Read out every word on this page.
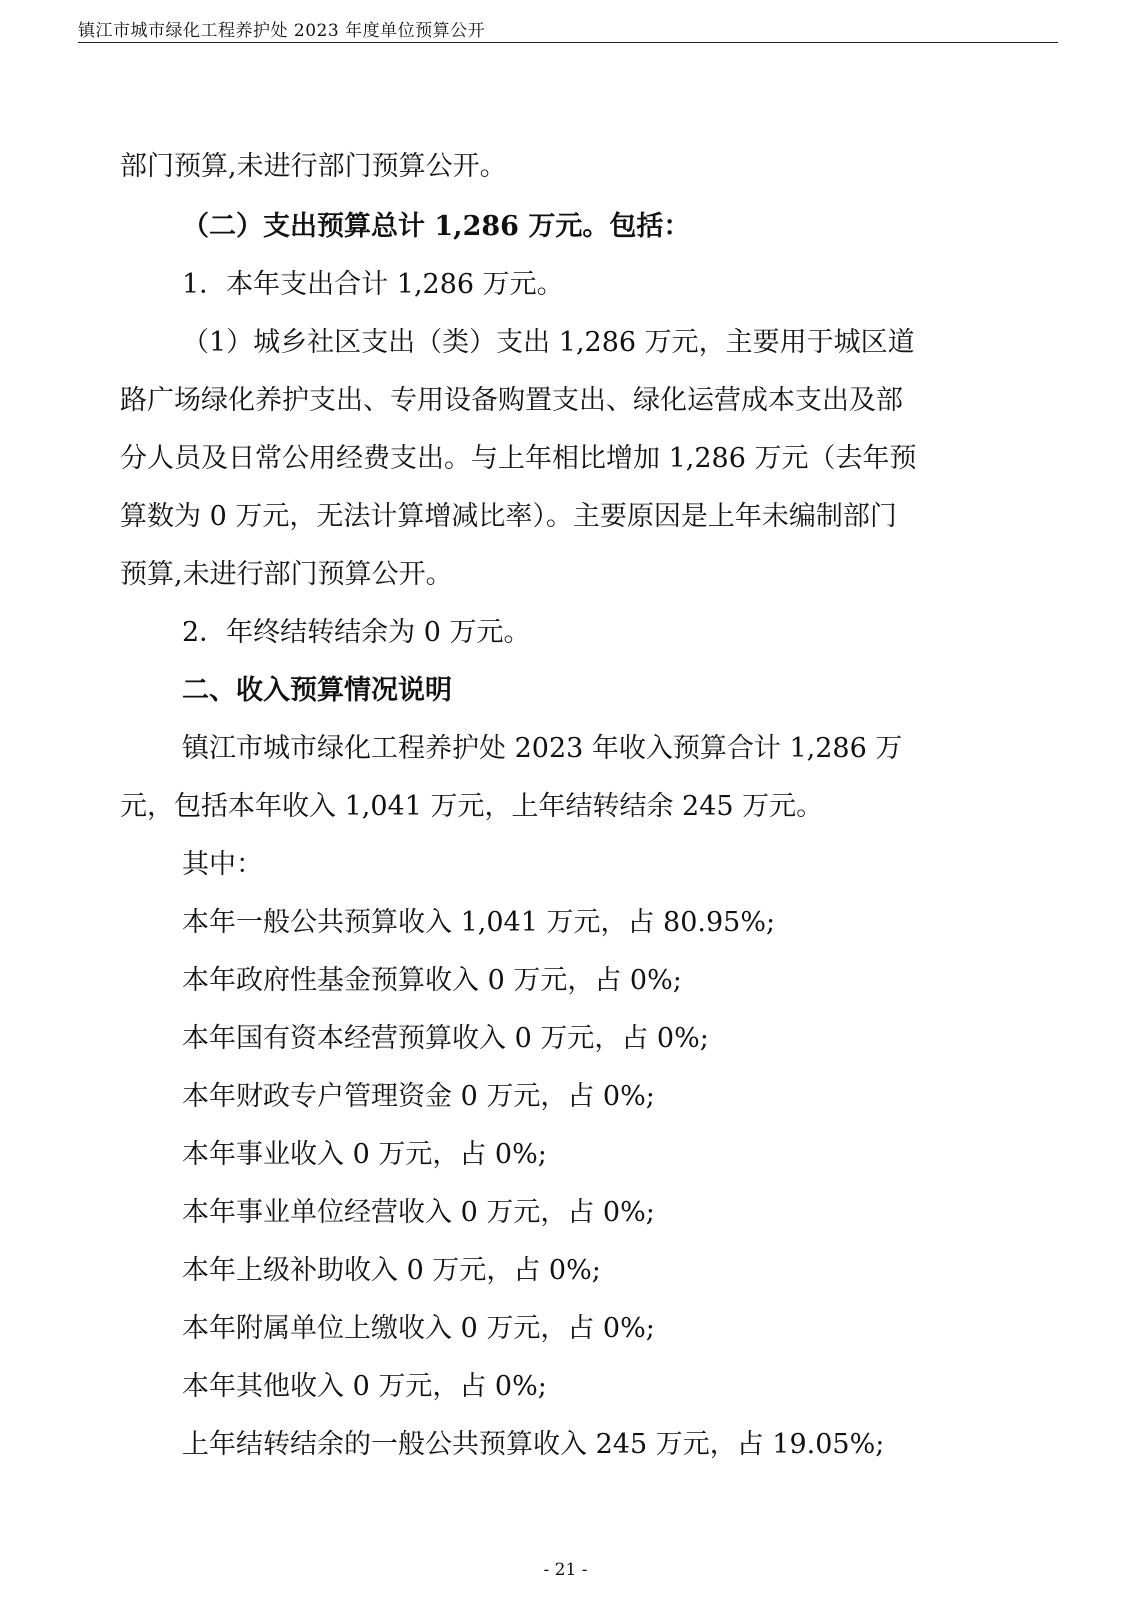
镇江市城市绿化工程养护处 2023 年度单位预算公开
部门预算,未进行部门预算公开。
（二）支出预算总计 1,286 万元。包括：
1．本年支出合计 1,286 万元。
（1）城乡社区支出（类）支出 1,286 万元，主要用于城区道
路广场绿化养护支出、专用设备购置支出、绿化运营成本支出及部
分人员及日常公用经费支出。与上年相比增加 1,286 万元（去年预
算数为 0 万元，无法计算增减比率）。主要原因是上年未编制部门
预算,未进行部门预算公开。
2．年终结转结余为 0 万元。
二、收入预算情况说明
镇江市城市绿化工程养护处 2023 年收入预算合计 1,286 万
元，包括本年收入 1,041 万元，上年结转结余 245 万元。
其中：
本年一般公共预算收入 1,041 万元，占 80.95%;
本年政府性基金预算收入 0 万元，占 0%;
本年国有资本经营预算收入 0 万元，占 0%;
本年财政专户管理资金 0 万元，占 0%;
本年事业收入 0 万元，占 0%;
本年事业单位经营收入 0 万元，占 0%;
本年上级补助收入 0 万元，占 0%;
本年附属单位上缴收入 0 万元，占 0%;
本年其他收入 0 万元，占 0%;
上年结转结余的一般公共预算收入 245 万元，占 19.05%;
- 21 -
